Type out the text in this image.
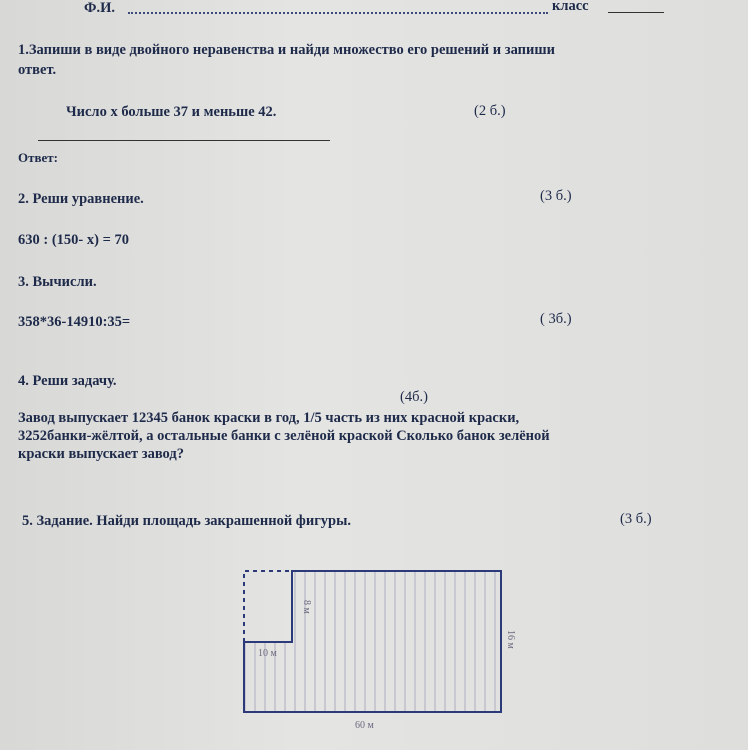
Ф.И.	класс
1.Запиши в виде двойного неравенства и найди множество его решений и запиши
ответ.
Число x больше 37 и меньше 42.	(2 б.)
Ответ:
2. Реши уравнение.	(3 б.)
630 : (150- x) = 70
3. Вычисли.
358*36-14910:35=	( 3б.)
4. Реши задачу.
(4б.)
Завод выпускает 12345 банок краски в год, 1/5 часть из них красной краски,
3252банки-жёлтой, а остальные банки с зелёной краской Сколько банок зелёной
краски выпускает завод?
5. Задание. Найди площадь закрашенной фигуры.	(3 б.)
8 м
10 м
16 м
60 м
